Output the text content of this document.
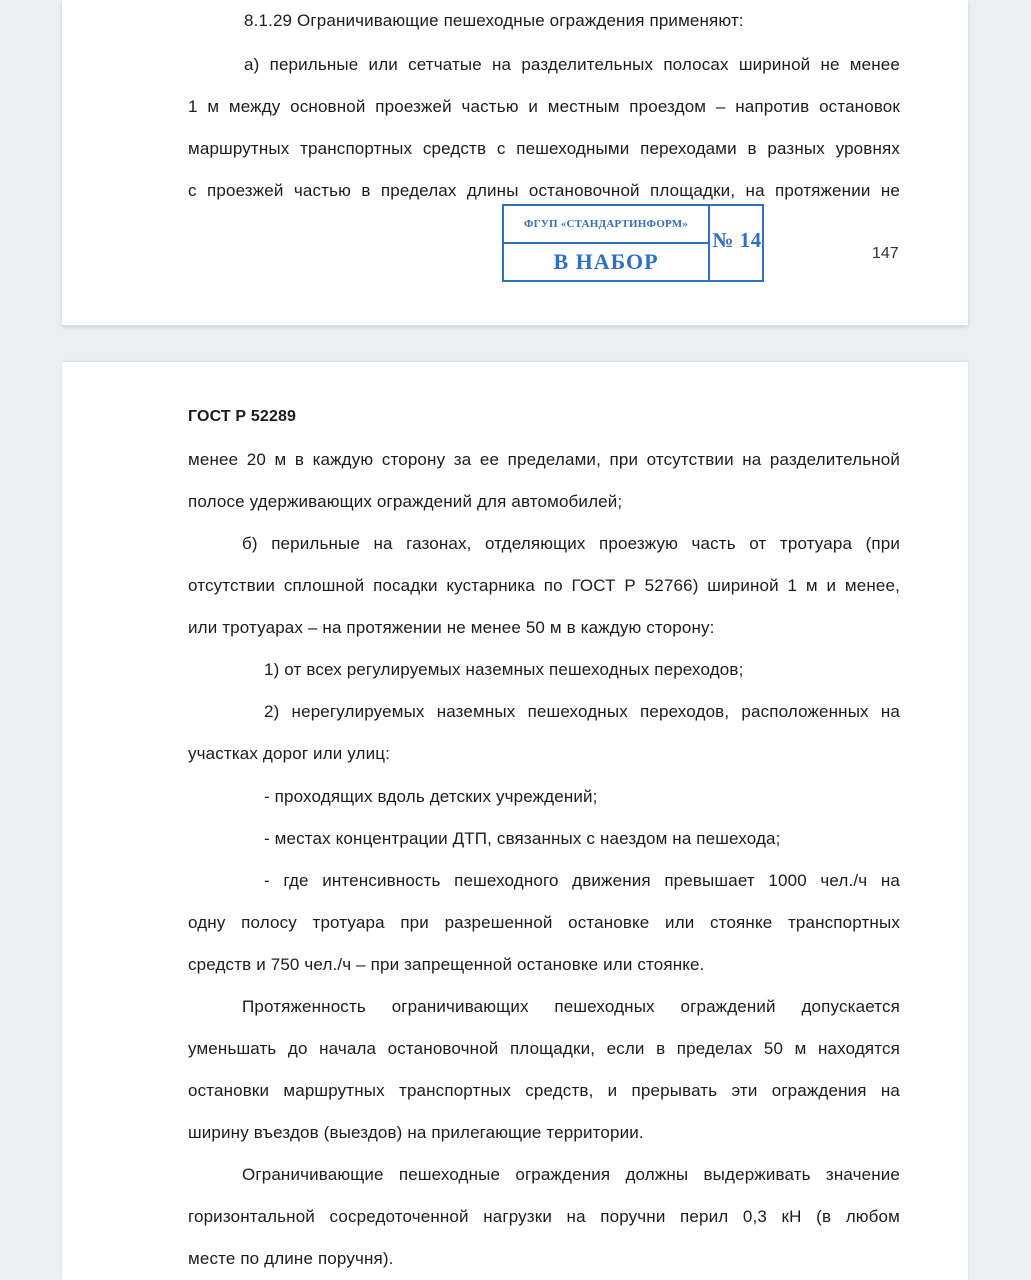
8.1.29 Ограничивающие пешеходные ограждения применяют:
а) перильные или сетчатые на разделительных полосах шириной не менее
1 м между основной проезжей частью и местным проездом – напротив остановок
маршрутных транспортных средств с пешеходными переходами в разных уровнях
с проезжей частью в пределах длины остановочной площадки, на протяжении не
ФГУП «СТАНДАРТИНФОРМ»
В НАБОР
№ 14
147
ГОСТ Р 52289
менее 20 м в каждую сторону за ее пределами, при отсутствии на разделительной
полосе удерживающих ограждений для автомобилей;
б) перильные на газонах, отделяющих проезжую часть от тротуара (при
отсутствии сплошной посадки кустарника по ГОСТ Р 52766) шириной 1 м и менее,
или тротуарах – на протяжении не менее 50 м в каждую сторону:
1) от всех регулируемых наземных пешеходных переходов;
2) нерегулируемых наземных пешеходных переходов, расположенных на
участках дорог или улиц:
- проходящих вдоль детских учреждений;
- местах концентрации ДТП, связанных с наездом на пешехода;
- где интенсивность пешеходного движения превышает 1000 чел./ч на
одну полосу тротуара при разрешенной остановке или стоянке транспортных
средств и 750 чел./ч – при запрещенной остановке или стоянке.
Протяженность ограничивающих пешеходных ограждений допускается
уменьшать до начала остановочной площадки, если в пределах 50 м находятся
остановки маршрутных транспортных средств, и прерывать эти ограждения на
ширину въездов (выездов) на прилегающие территории.
Ограничивающие пешеходные ограждения должны выдерживать значение
горизонтальной сосредоточенной нагрузки на поручни перил 0,3 кН (в любом
месте по длине поручня).
